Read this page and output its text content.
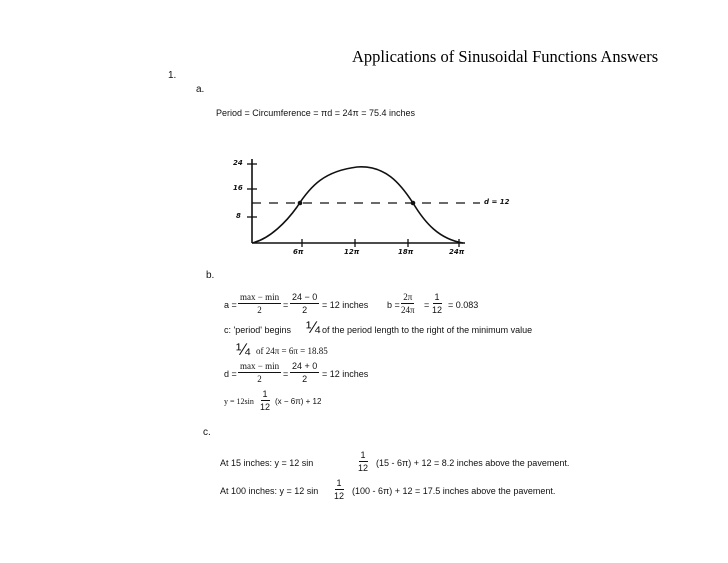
Applications of Sinusoidal Functions Answers
1.
a.
Period = Circumference = πd = 24π = 75.4 inches
24
16
8
6π	12π	18π	24π
d = 12
b.
a =
max − min
$2 = \frac{24 - 0}{2} = 12$ inches $b = \frac{2\pi}{24\pi} = \frac{1}{12} = 0.083$
c: 'period' begins ¼ of the period length to the right of the minimum value
¼ of 24π = 6π = 18.85
d =
max − min
$2 = \frac{24 + 0}{2} = 12$ inches
$y = 12\sin \frac{1}{12} (x - 6\pi) + 12$
c.
At 15 inches: y = 12 sin	$\frac{1}{12} (15 - 6\pi) + 12 = 8.2$ inches above the pavement.
At 100 inches: y = 12 $\sin \frac{1}{12} (100 - 6\pi) + 12 = 17.5$ inches above the pavement.
